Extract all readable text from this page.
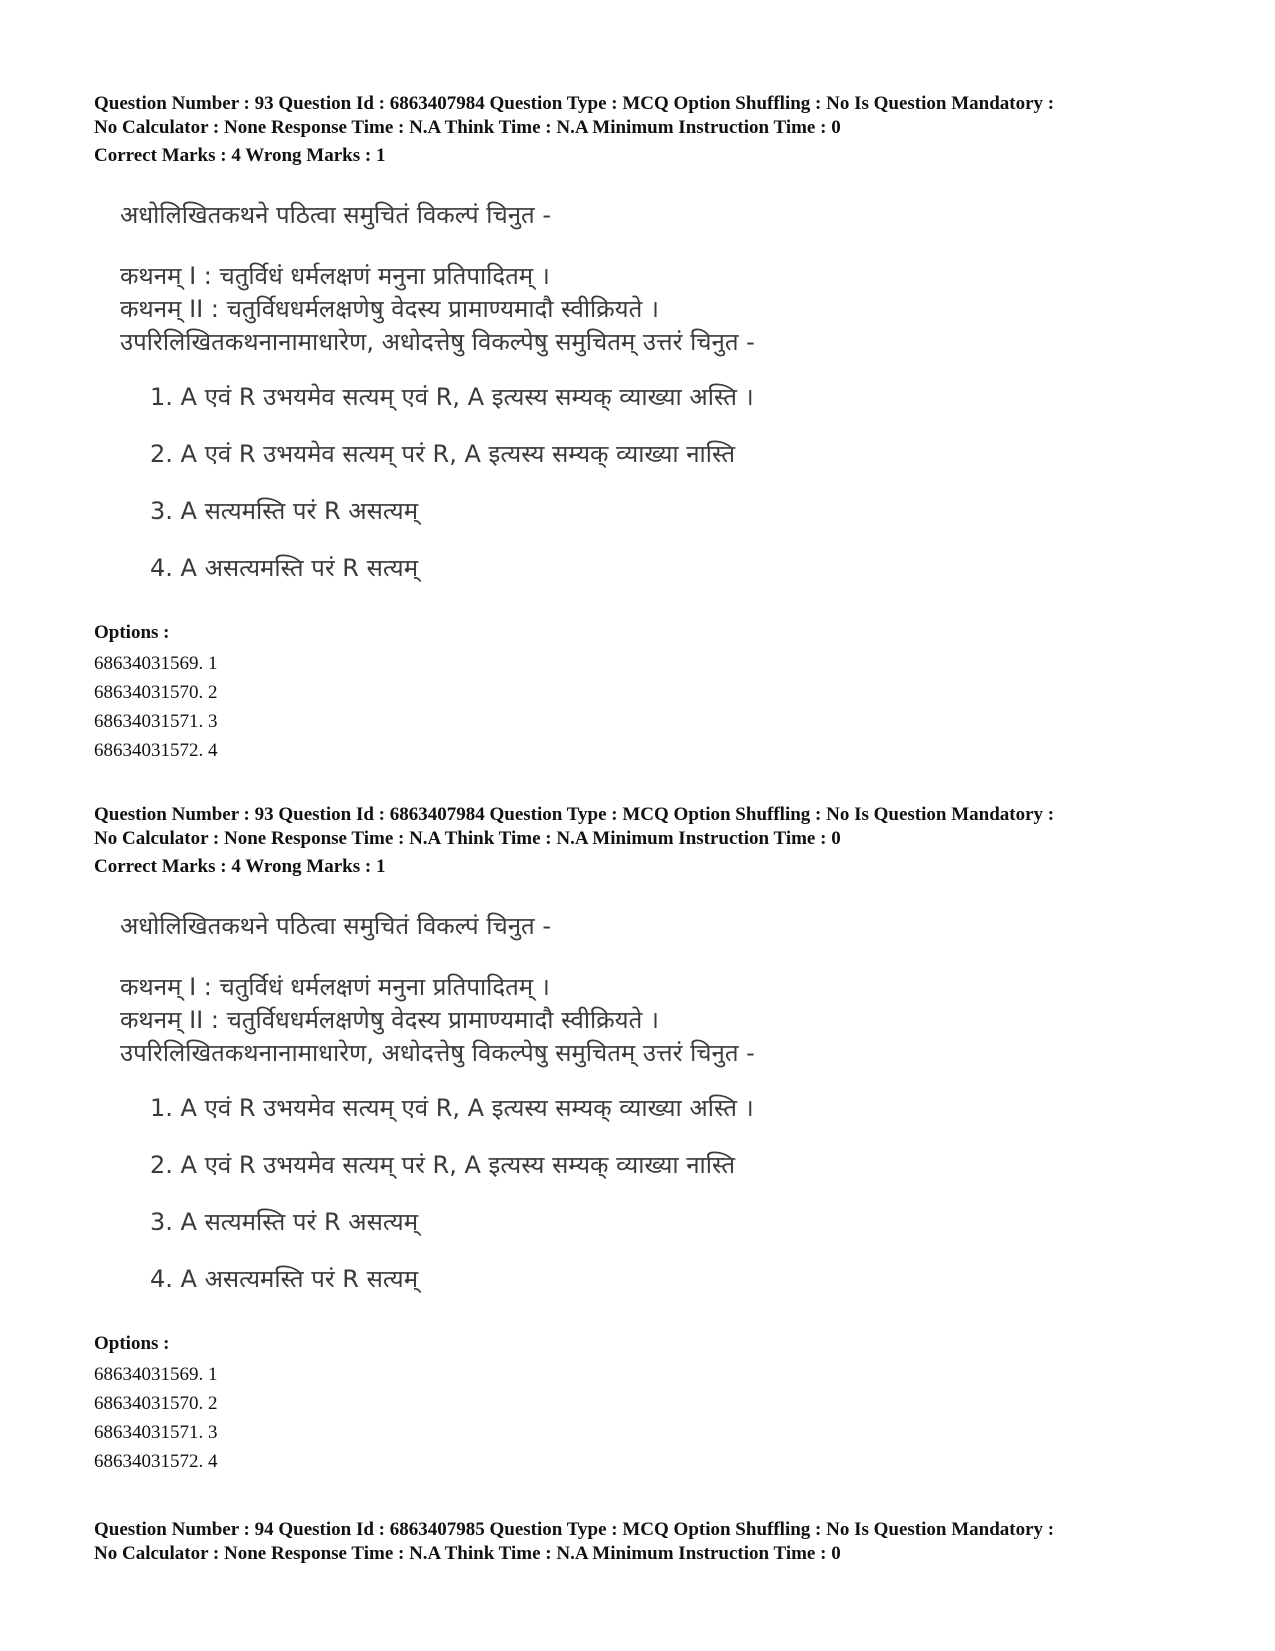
Question Number : 93 Question Id : 6863407984 Question Type : MCQ Option Shuffling : No Is Question Mandatory :

No Calculator : None Response Time : N.A Think Time : N.A Minimum Instruction Time : 0

Correct Marks : 4 Wrong Marks : 1

अधोलिखितकथने पठित्वा समुचितं विकल्पं चिनुत -

कथनम् I : चतुर्विधं धर्मलक्षणं मनुना प्रतिपादितम् ।

कथनम् II : चतुर्विधधर्मलक्षणेषु वेदस्य प्रामाण्यमादौ स्वीक्रियते ।

उपरिलिखितकथनानामाधारेण, अधोदत्तेषु विकल्पेषु समुचितम् उत्तरं चिनुत -

1. A एवं R उभयमेव सत्यम् एवं R, A इत्यस्य सम्यक् व्याख्या अस्ति ।

2. A एवं R उभयमेव सत्यम् परं R, A इत्यस्य सम्यक् व्याख्या नास्ति

3. A सत्यमस्ति परं R असत्यम्

4. A असत्यमस्ति परं R सत्यम्

Options :

68634031569. 1
68634031570. 2
68634031571. 3
68634031572. 4

Question Number : 93 Question Id : 6863407984 Question Type : MCQ Option Shuffling : No Is Question Mandatory :

No Calculator : None Response Time : N.A Think Time : N.A Minimum Instruction Time : 0

Correct Marks : 4 Wrong Marks : 1

अधोलिखितकथने पठित्वा समुचितं विकल्पं चिनुत -

कथनम् I : चतुर्विधं धर्मलक्षणं मनुना प्रतिपादितम् ।

कथनम् II : चतुर्विधधर्मलक्षणेषु वेदस्य प्रामाण्यमादौ स्वीक्रियते ।

उपरिलिखितकथनानामाधारेण, अधोदत्तेषु विकल्पेषु समुचितम् उत्तरं चिनुत -

1. A एवं R उभयमेव सत्यम् एवं R, A इत्यस्य सम्यक् व्याख्या अस्ति ।

2. A एवं R उभयमेव सत्यम् परं R, A इत्यस्य सम्यक् व्याख्या नास्ति

3. A सत्यमस्ति परं R असत्यम्

4. A असत्यमस्ति परं R सत्यम्

Options :

68634031569. 1
68634031570. 2
68634031571. 3
68634031572. 4

Question Number : 94 Question Id : 6863407985 Question Type : MCQ Option Shuffling : No Is Question Mandatory :

No Calculator : None Response Time : N.A Think Time : N.A Minimum Instruction Time : 0
